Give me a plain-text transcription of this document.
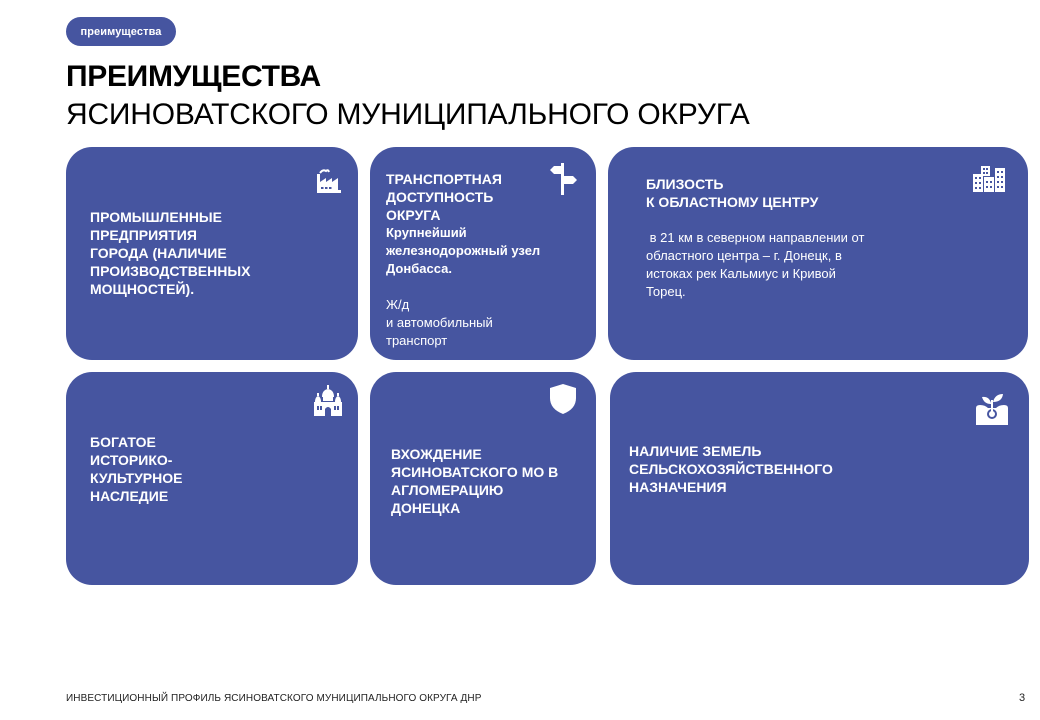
преимущества
ПРЕИМУЩЕСТВА
ЯСИНОВАТСКОГО МУНИЦИПАЛЬНОГО ОКРУГА
ПРОМЫШЛЕННЫЕ
ПРЕДПРИЯТИЯ
ГОРОДА (НАЛИЧИЕ
ПРОИЗВОДСТВЕННЫХ
МОЩНОСТЕЙ).
ТРАНСПОРТНАЯ
ДОСТУПНОСТЬ
ОКРУГА
Крупнейший
железнодорожный узел
Донбасса.
Ж/д
и автомобильный
транспорт
БЛИЗОСТЬ
К ОБЛАСТНОМУ ЦЕНТРУ
в 21 км в северном направлении от
областного центра – г. Донецк, в
истоках рек Кальмиус и Кривой
Торец.
БОГАТОЕ
ИСТОРИКО-
КУЛЬТУРНОЕ
НАСЛЕДИЕ
ВХОЖДЕНИЕ
ЯСИНОВАТСКОГО МО В
АГЛОМЕРАЦИЮ
ДОНЕЦКА
НАЛИЧИЕ ЗЕМЕЛЬ
СЕЛЬСКОХОЗЯЙСТВЕННОГО
НАЗНАЧЕНИЯ
ИНВЕСТИЦИОННЫЙ ПРОФИЛЬ ЯСИНОВАТСКОГО МУНИЦИПАЛЬНОГО ОКРУГА ДНР	3
